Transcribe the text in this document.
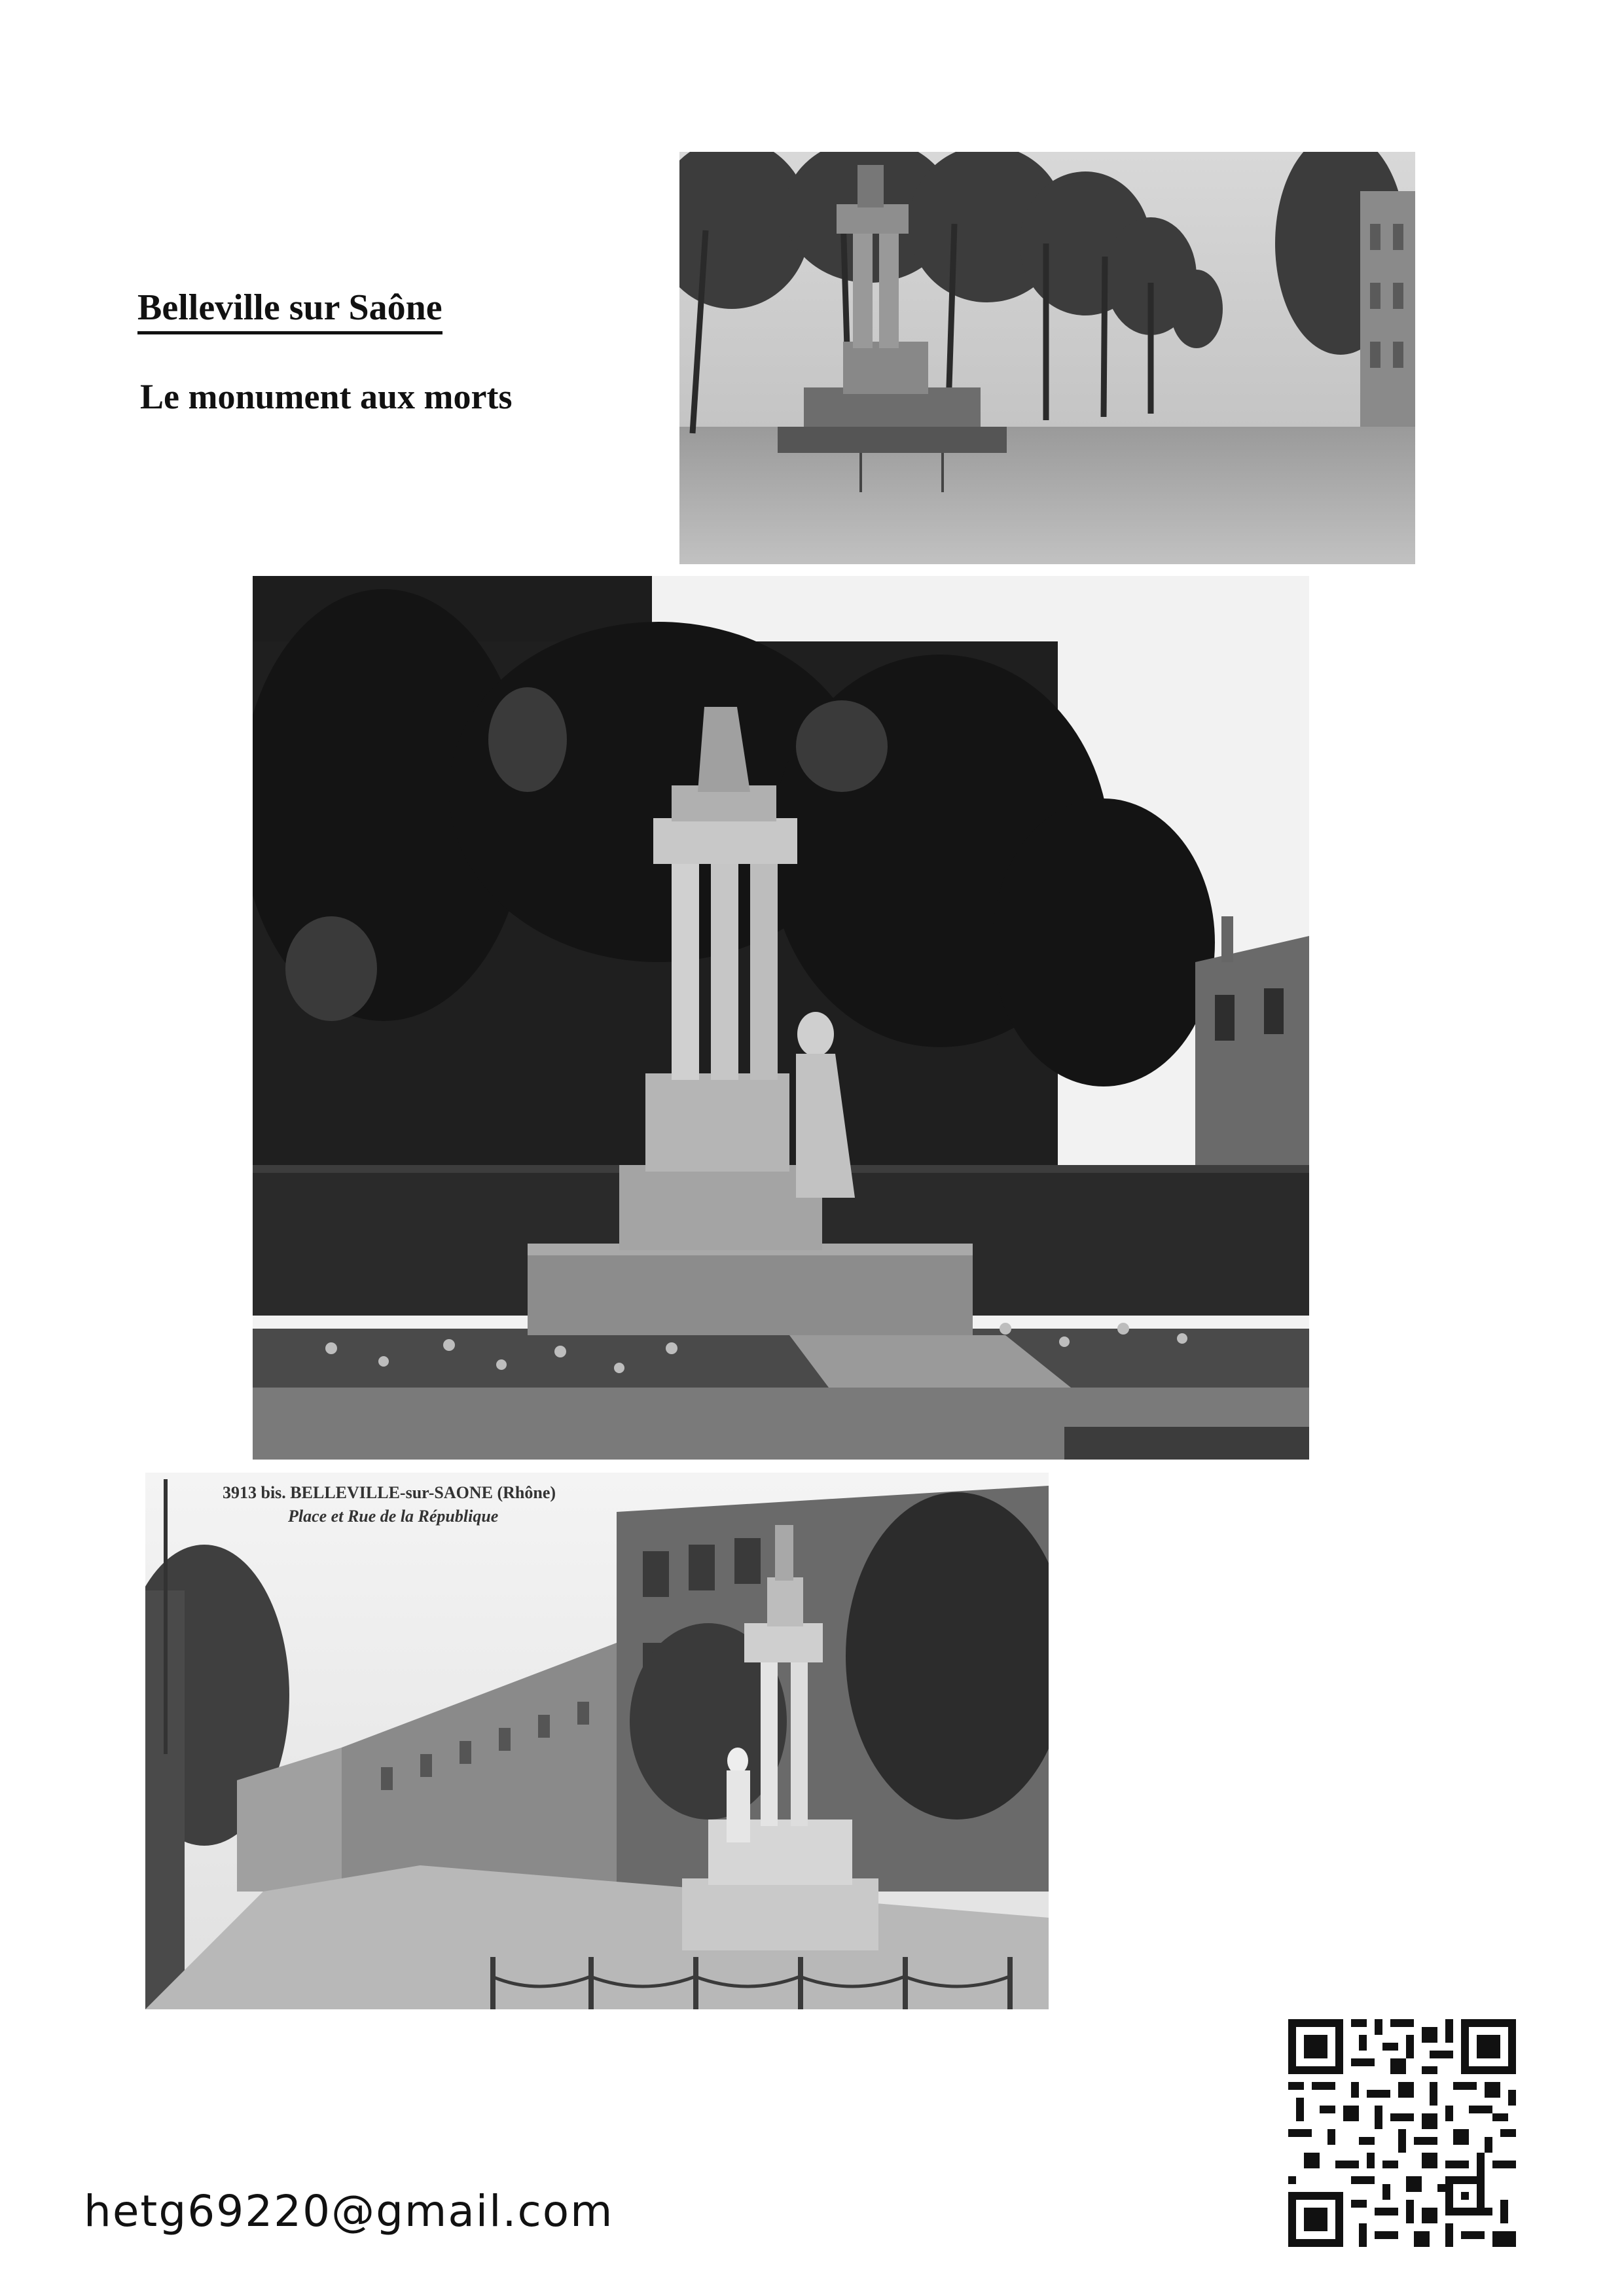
Belleville sur Saône
Le monument aux morts
3913 bis. BELLEVILLE-sur-SAONE (Rhône)
Place et Rue de la République
hetg69220@gmail.com
